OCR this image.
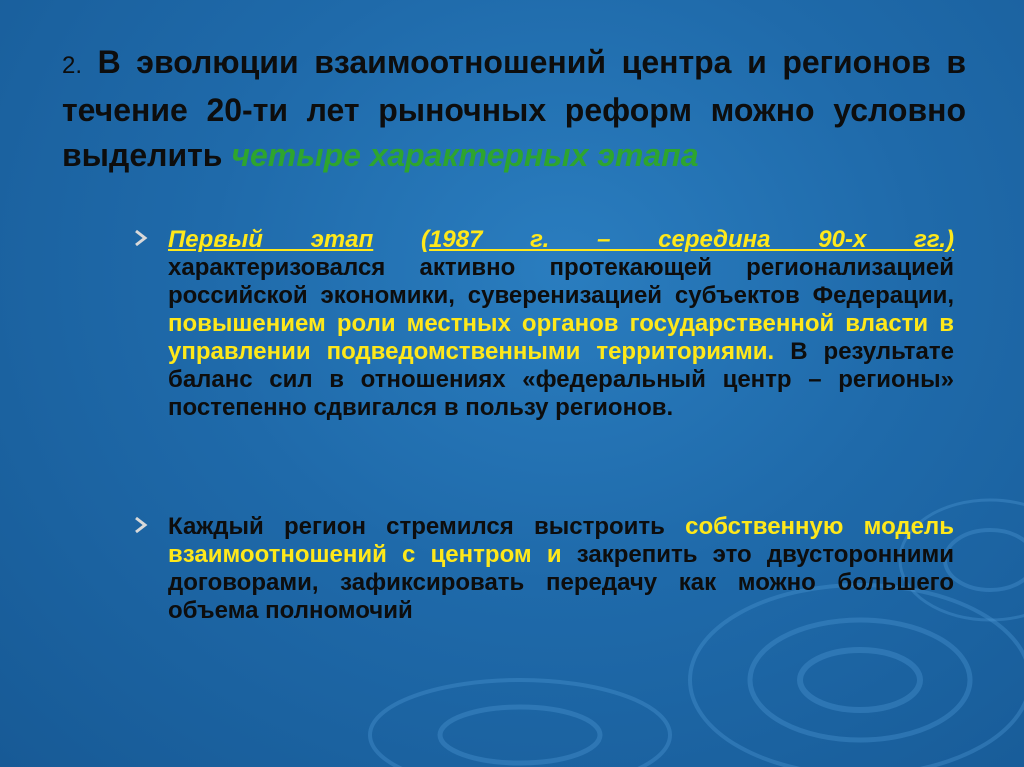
2. В эволюции взаимоотношений центра и регионов в течение 20-ти лет рыночных реформ можно условно выделить четыре характерных этапа
Первый этап (1987 г. – середина 90-х гг.)
характеризовался активно протекающей регионализацией российской экономики, суверенизацией субъектов Федерации, повышением роли местных органов государственной власти в управлении подведомственными территориями. В результате баланс сил в отношениях «федеральный центр – регионы» постепенно сдвигался в пользу регионов.
Каждый регион стремился выстроить собственную модель взаимоотношений с центром и закрепить это двусторонними договорами, зафиксировать передачу как можно большего объема полномочий
